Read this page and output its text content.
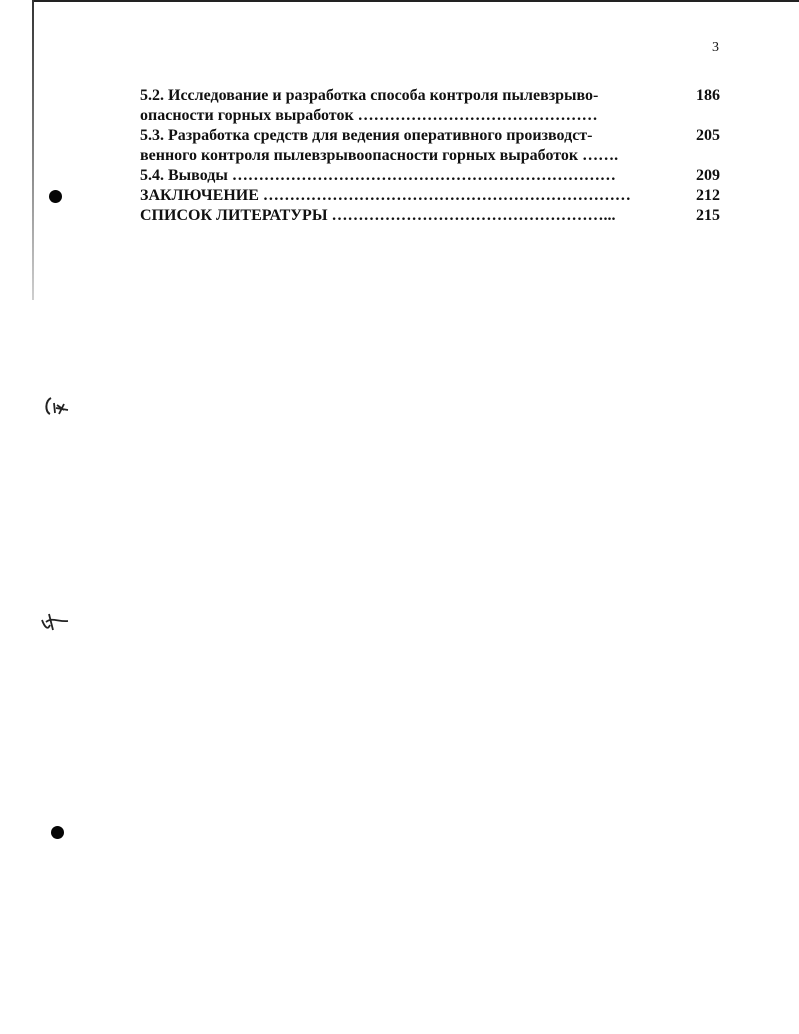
3
5.2. Исследование и разработка способа контроля пылевзрыво-
опасности горных выработок ………………………………………
186
5.3. Разработка средств для ведения оперативного производст-
венного контроля пылевзрывоопасности горных выработок …….
205
5.4. Выводы ………………………………………………………………	209
ЗАКЛЮЧЕНИЕ ……………………………………………………………	212
СПИСОК ЛИТЕРАТУРЫ ……………………………………………...	215
